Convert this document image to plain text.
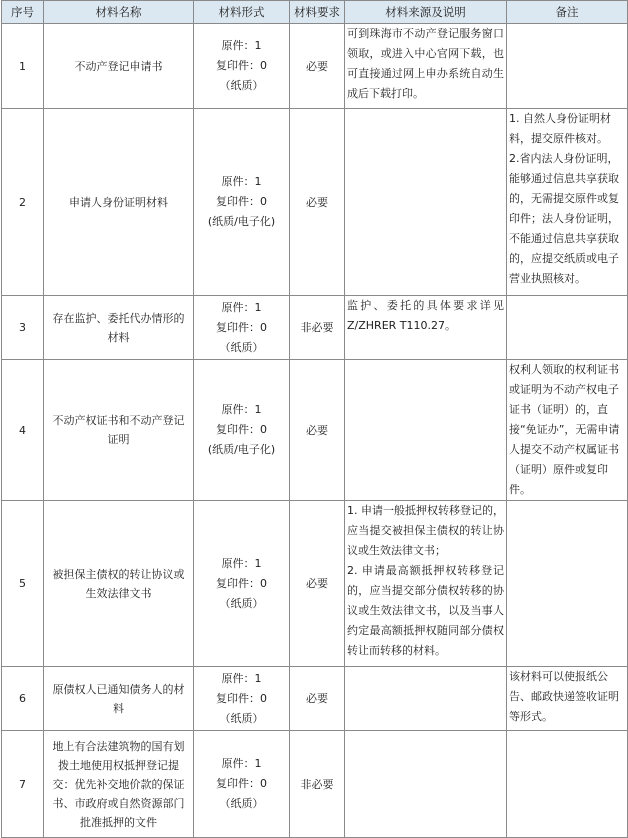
序号	材料名称	材料形式	材料要求	材料来源及说明	备注
1	不动产登记申请书	原件：1
复印件：0
（纸质）	必要	可到珠海市不动产登记服务窗口领取，或进入中心官网下载，也可直接通过网上申办系统自动生成后下载打印。	

2	申请人身份证明材料	原件：1
复印件：0
(纸质/电子化)	必要		1. 自然人身份证明材料，提交原件核对。
2.省内法人身份证明，能够通过信息共享获取的，无需提交原件或复印件；法人身份证明，不能通过信息共享获取的，应提交纸质或电子营业执照核对。

3	存在监护、委托代办情形的材料	原件：1
复印件：0
（纸质）	非必要	监护、委托的具体要求详见Z/ZHRER T110.27。	

4	不动产权证书和不动产登记证明	原件：1
复印件：0
(纸质/电子化)	必要		权利人领取的权利证书或证明为不动产权电子证书（证明）的，直接“免证办”，无需申请人提交不动产权属证书（证明）原件或复印件。

5	被担保主债权的转让协议或生效法律文书	原件：1
复印件：0
（纸质）	必要	1. 申请一般抵押权转移登记的，应当提交被担保主债权的转让协议或生效法律文书；
2. 申请最高额抵押权转移登记的，应当提交部分债权转移的协议或生效法律文书，以及当事人约定最高额抵押权随同部分债权转让而转移的材料。	

6	原债权人已通知债务人的材料	原件：1
复印件：0
（纸质）	必要		该材料可以使报纸公告、邮政快递签收证明等形式。

7	地上有合法建筑物的国有划拨土地使用权抵押登记提交：优先补交地价款的保证书、市政府或自然资源部门批准抵押的文件	原件：1
复印件：0
（纸质）	非必要		
